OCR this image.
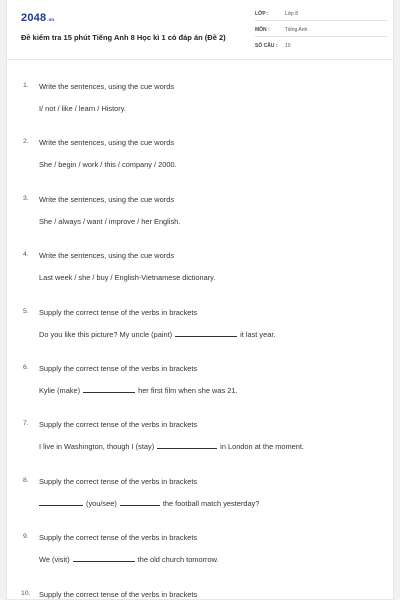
2048.vn
Đề kiểm tra 15 phút Tiếng Anh 8 Học kì 1 có đáp án (Đề 2)
LỚP :	Lớp 8
MÔN :	Tiếng Anh
SỐ CÂU : 10
1. Write the sentences, using the cue words
I/ not / like / learn / History.
2. Write the sentences, using the cue words
She / begin / work / this / company / 2000.
3. Write the sentences, using the cue words
She / always / want / improve / her English.
4. Write the sentences, using the cue words
Last week / she / buy / English-Vietnamese dictionary.
5. Supply the correct tense of the verbs in brackets
Do you like this picture? My uncle (paint)	it last year.
6. Supply the correct tense of the verbs in brackets
Kylie (make)	her first film when she was 21.
7. Supply the correct tense of the verbs in brackets
I live in Washington, though I (stay)	in London at the moment.
8. Supply the correct tense of the verbs in brackets
(you/see)	the football match yesterday?
9. Supply the correct tense of the verbs in brackets
We (visit)	the old church tomorrow.
10. Supply the correct tense of the verbs in brackets
